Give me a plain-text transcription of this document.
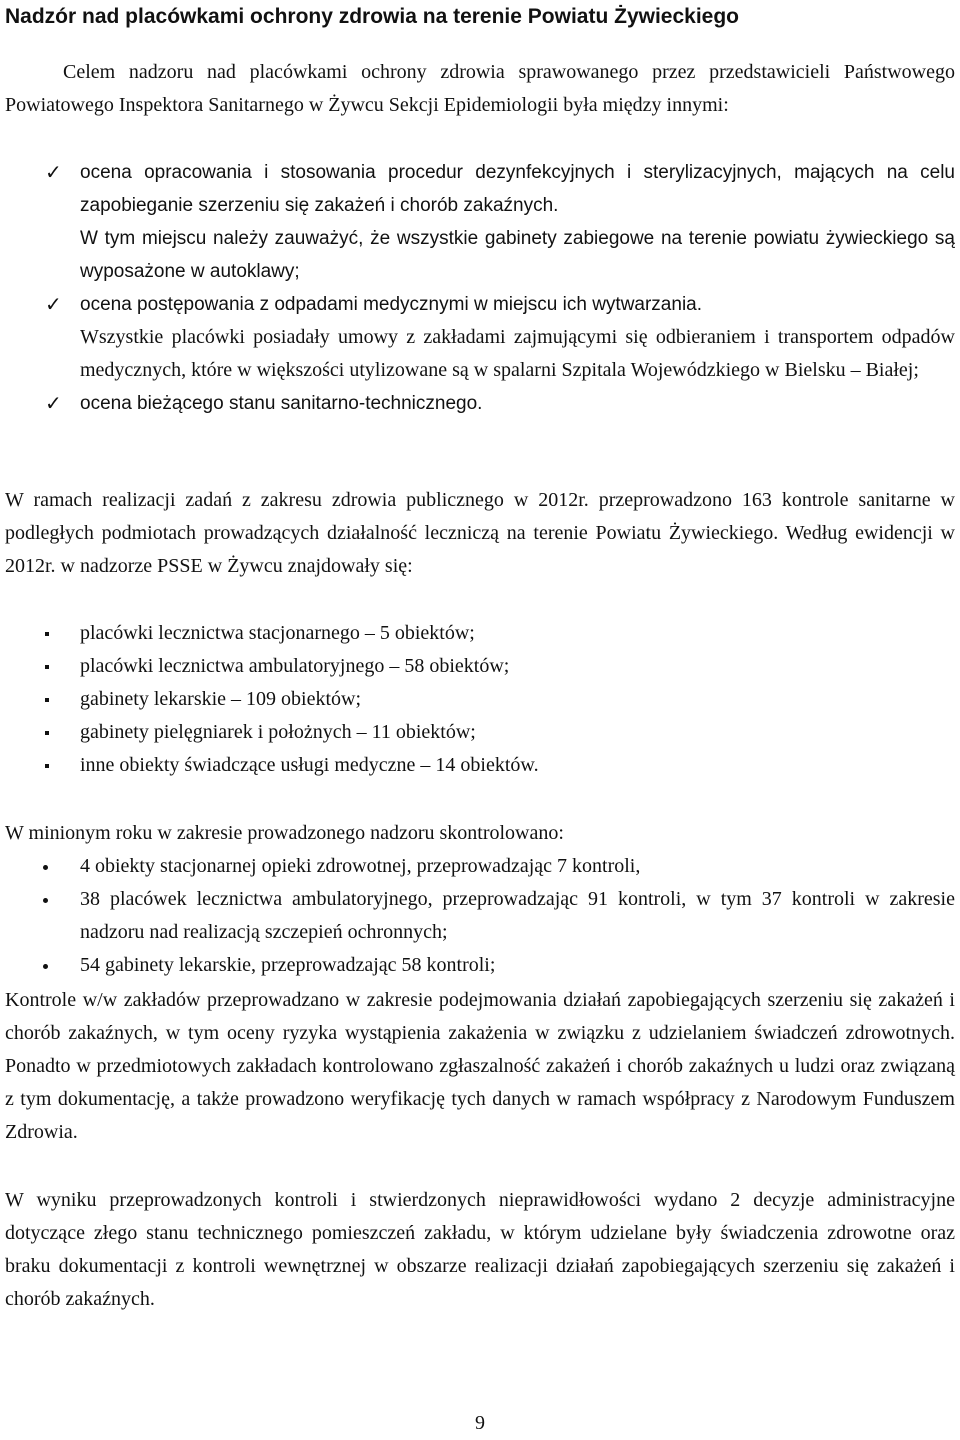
Nadzór nad placówkami ochrony zdrowia na terenie Powiatu Żywieckiego
Celem nadzoru nad placówkami ochrony zdrowia sprawowanego przez przedstawicieli Państwowego Powiatowego Inspektora Sanitarnego w Żywcu Sekcji Epidemiologii była między innymi:
✓ ocena opracowania i stosowania procedur dezynfekcyjnych i sterylizacyjnych, mających na celu zapobieganie szerzeniu się zakażeń i chorób zakaźnych.
W tym miejscu należy zauważyć, że wszystkie gabinety zabiegowe na terenie powiatu żywieckiego są wyposażone w autoklawy;
✓ ocena postępowania z odpadami medycznymi w miejscu ich wytwarzania.
Wszystkie placówki posiadały umowy z zakładami zajmującymi się odbieraniem i transportem odpadów medycznych, które w większości utylizowane są w spalarni Szpitala Wojewódzkiego w Bielsku – Białej;
✓ ocena bieżącego stanu sanitarno-technicznego.
W ramach realizacji zadań z zakresu zdrowia publicznego w 2012r. przeprowadzono 163 kontrole sanitarne w podległych podmiotach prowadzących działalność leczniczą na terenie Powiatu Żywieckiego. Według ewidencji w 2012r. w nadzorze PSSE w Żywcu znajdowały się:
placówki lecznictwa stacjonarnego – 5 obiektów;
placówki lecznictwa ambulatoryjnego – 58 obiektów;
gabinety lekarskie – 109 obiektów;
gabinety pielęgniarek i położnych – 11 obiektów;
inne obiekty świadczące usługi medyczne – 14 obiektów.
W minionym roku w zakresie prowadzonego nadzoru skontrolowano:
4 obiekty stacjonarnej opieki zdrowotnej, przeprowadzając 7 kontroli,
38 placówek lecznictwa ambulatoryjnego, przeprowadzając 91 kontroli, w tym 37 kontroli w zakresie nadzoru nad realizacją szczepień ochronnych;
54 gabinety lekarskie, przeprowadzając 58 kontroli;
Kontrole w/w zakładów przeprowadzano w zakresie podejmowania działań zapobiegających szerzeniu się zakażeń i chorób zakaźnych, w tym oceny ryzyka wystąpienia zakażenia w związku z udzielaniem świadczeń zdrowotnych. Ponadto w przedmiotowych zakładach kontrolowano zgłaszalność zakażeń i chorób zakaźnych u ludzi oraz związaną z tym dokumentację, a także prowadzono weryfikację tych danych w ramach współpracy z Narodowym Funduszem Zdrowia.
W wyniku przeprowadzonych kontroli i stwierdzonych nieprawidłowości wydano 2 decyzje administracyjne dotyczące złego stanu technicznego pomieszczeń zakładu, w którym udzielane były świadczenia zdrowotne oraz braku dokumentacji z kontroli wewnętrznej w obszarze realizacji działań zapobiegających szerzeniu się zakażeń i chorób zakaźnych.
9
